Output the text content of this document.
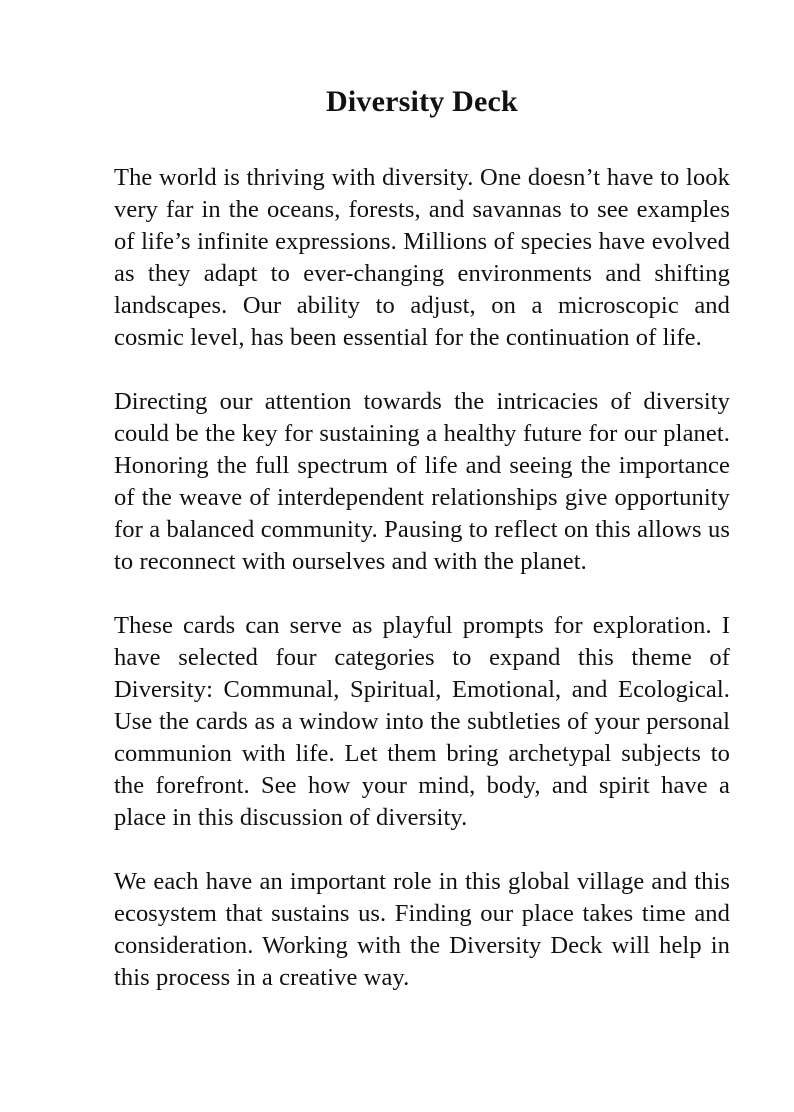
Diversity Deck

The world is thriving with diversity. One doesn’t have to look very far in the oceans, forests, and savannas to see examples of life’s infinite expressions. Millions of species have evolved as they adapt to ever-changing environments and shifting landscapes. Our ability to adjust, on a microscopic and cosmic level, has been essential for the continuation of life.

Directing our attention towards the intricacies of diversity could be the key for sustaining a healthy future for our planet. Honoring the full spectrum of life and seeing the importance of the weave of interdependent relationships give opportunity for a balanced community. Pausing to reflect on this allows us to reconnect with ourselves and with the planet.

These cards can serve as playful prompts for exploration. I have selected four categories to expand this theme of Diversity: Communal, Spiritual, Emotional, and Ecological. Use the cards as a window into the subtleties of your personal communion with life. Let them bring archetypal subjects to the forefront. See how your mind, body, and spirit have a place in this discussion of diversity.

We each have an important role in this global village and this ecosystem that sustains us. Finding our place takes time and consideration. Working with the Diversity Deck will help in this process in a creative way.
